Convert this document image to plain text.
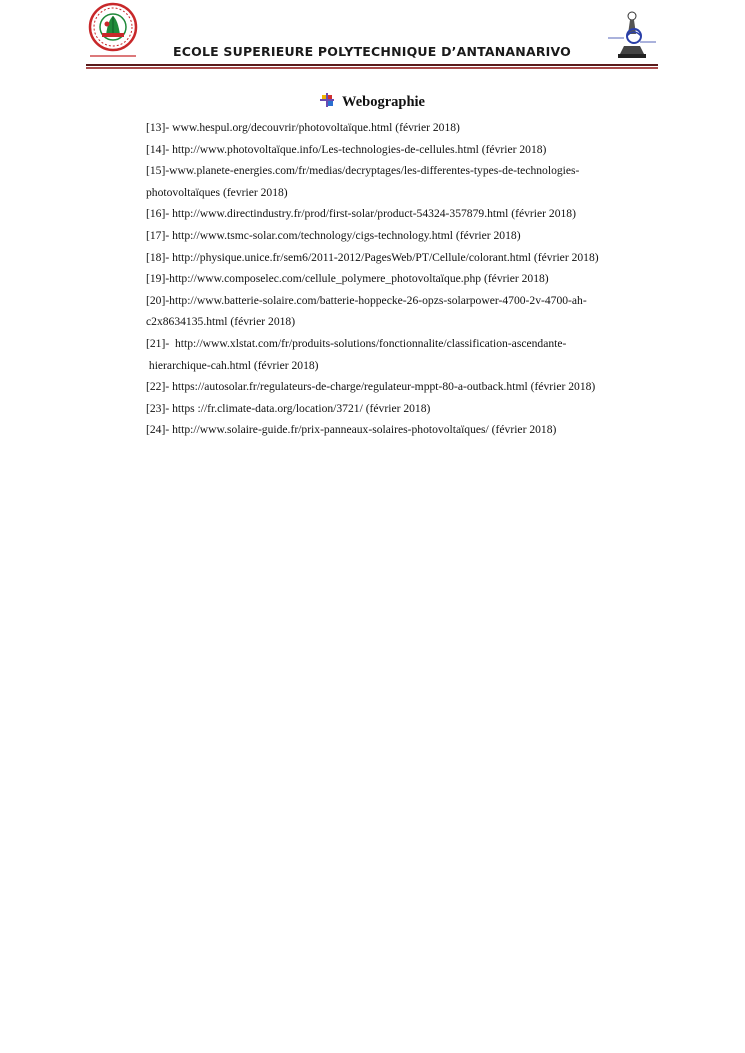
ECOLE SUPERIEURE POLYTECHNIQUE D’ANTANANARIVO
Webographie
[13]- www.hespul.org/decouvrir/photovoltaïque.html (février 2018)
[14]- http://www.photovoltaïque.info/Les-technologies-de-cellules.html (février 2018)
[15]-www.planete-energies.com/fr/medias/decryptages/les-differentes-types-de-technologies-
photovoltaïques (fevrier 2018)
[16]- http://www.directindustry.fr/prod/first-solar/product-54324-357879.html (février 2018)
[17]- http://www.tsmc-solar.com/technology/cigs-technology.html (février 2018)
[18]- http://physique.unice.fr/sem6/2011-2012/PagesWeb/PT/Cellule/colorant.html (février 2018)
[19]-http://www.composelec.com/cellule_polymere_photovoltaïque.php (février 2018)
[20]-http://www.batterie-solaire.com/batterie-hoppecke-26-opzs-solarpower-4700-2v-4700-ah-
c2x8634135.html (février 2018)
[21]-  http://www.xlstat.com/fr/produits-solutions/fonctionnalite/classification-ascendante-
hierarchique-cah.html (février 2018)
[22]- https://autosolar.fr/regulateurs-de-charge/regulateur-mppt-80-a-outback.html (février 2018)
[23]- https ://fr.climate-data.org/location/3721/ (février 2018)
[24]- http://www.solaire-guide.fr/prix-panneaux-solaires-photovoltaïques/ (février 2018)
